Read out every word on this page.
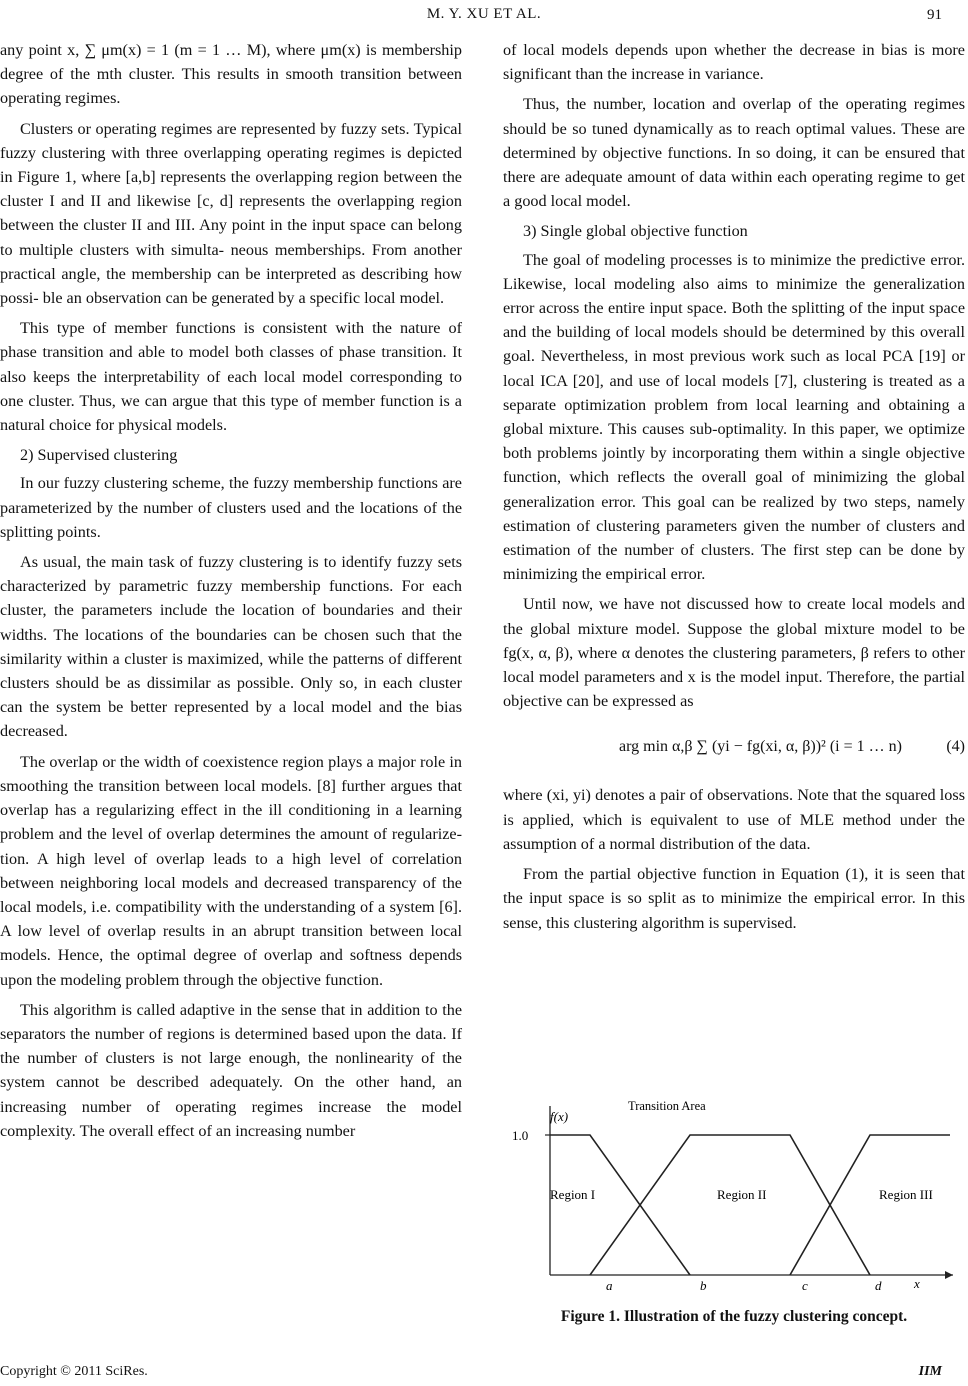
M. Y. XU ET AL.	91

any point x, ∑ μm(x) = 1 (m = 1 … M), where μm(x) is membership degree of the mth cluster. This results in smooth transition between operating regimes.

Clusters or operating regimes are represented by fuzzy sets. Typical fuzzy clustering with three overlapping operating regimes is depicted in Figure 1, where [a,b] represents the overlapping region between the cluster I and II and likewise [c, d] represents the overlapping region between the cluster II and III. Any point in the input space can belong to multiple clusters with simulta- neous memberships. From another practical angle, the membership can be interpreted as describing how possi- ble an observation can be generated by a specific local model.

This type of member functions is consistent with the nature of phase transition and able to model both classes of phase transition. It also keeps the interpretability of each local model corresponding to one cluster. Thus, we can argue that this type of member function is a natural choice for physical models.

2) Supervised clustering

In our fuzzy clustering scheme, the fuzzy membership functions are parameterized by the number of clusters used and the locations of the splitting points.

As usual, the main task of fuzzy clustering is to identify fuzzy sets characterized by parametric fuzzy membership functions. For each cluster, the parameters include the location of boundaries and their widths. The locations of the boundaries can be chosen such that the similarity within a cluster is maximized, while the patterns of different clusters should be as dissimilar as possible. Only so, in each cluster can the system be better represented by a local model and the bias decreased.

The overlap or the width of coexistence region plays a major role in smoothing the transition between local models. [8] further argues that overlap has a regularizing effect in the ill conditioning in a learning problem and the level of overlap determines the amount of regularize- tion. A high level of overlap leads to a high level of correlation between neighboring local models and decreased transparency of the local models, i.e. compatibility with the understanding of a system [6]. A low level of overlap results in an abrupt transition between local models. Hence, the optimal degree of overlap and softness depends upon the modeling problem through the objective function.

This algorithm is called adaptive in the sense that in addition to the separators the number of regions is determined based upon the data. If the number of clusters is not large enough, the nonlinearity of the system cannot be described adequately. On the other hand, an increasing number of operating regimes increase the model complexity. The overall effect of an increasing number

of local models depends upon whether the decrease in bias is more significant than the increase in variance.

Thus, the number, location and overlap of the operating regimes should be so tuned dynamically as to reach optimal values. These are determined by objective functions. In so doing, it can be ensured that there are adequate amount of data within each operating regime to get a good local model.

3) Single global objective function

The goal of modeling processes is to minimize the predictive error. Likewise, local modeling also aims to minimize the generalization error across the entire input space. Both the splitting of the input space and the building of local models should be determined by this overall goal. Nevertheless, in most previous work such as local PCA [19] or local ICA [20], and use of local models [7], clustering is treated as a separate optimization problem from local learning and obtaining a global mixture. This causes sub-optimality. In this paper, we optimize both problems jointly by incorporating them within a single objective function, which reflects the overall goal of minimizing the global generalization error. This goal can be realized by two steps, namely estimation of clustering parameters given the number of clusters and estimation of the number of clusters. The first step can be done by minimizing the empirical error.

Until now, we have not discussed how to create local models and the global mixture model. Suppose the global mixture model to be fg(x, α, β), where α denotes the clustering parameters, β refers to other local model parameters and x is the model input. Therefore, the partial objective can be expressed as

arg min α,β ∑ (yi − fg(xi, α, β))² (i = 1 … n)	(4)

where (xi, yi) denotes a pair of observations. Note that the squared loss is applied, which is equivalent to use of MLE method under the assumption of a normal distribution of the data.

From the partial objective function in Equation (1), it is seen that the input space is so split as to minimize the empirical error. In this sense, this clustering algorithm is supervised.

f(x)
1.0
Transition Area
Region I	Region II	Region III
a	b	c	d	x
Figure 1. Illustration of the fuzzy clustering concept.
Copyright © 2011 SciRes.	IIM
